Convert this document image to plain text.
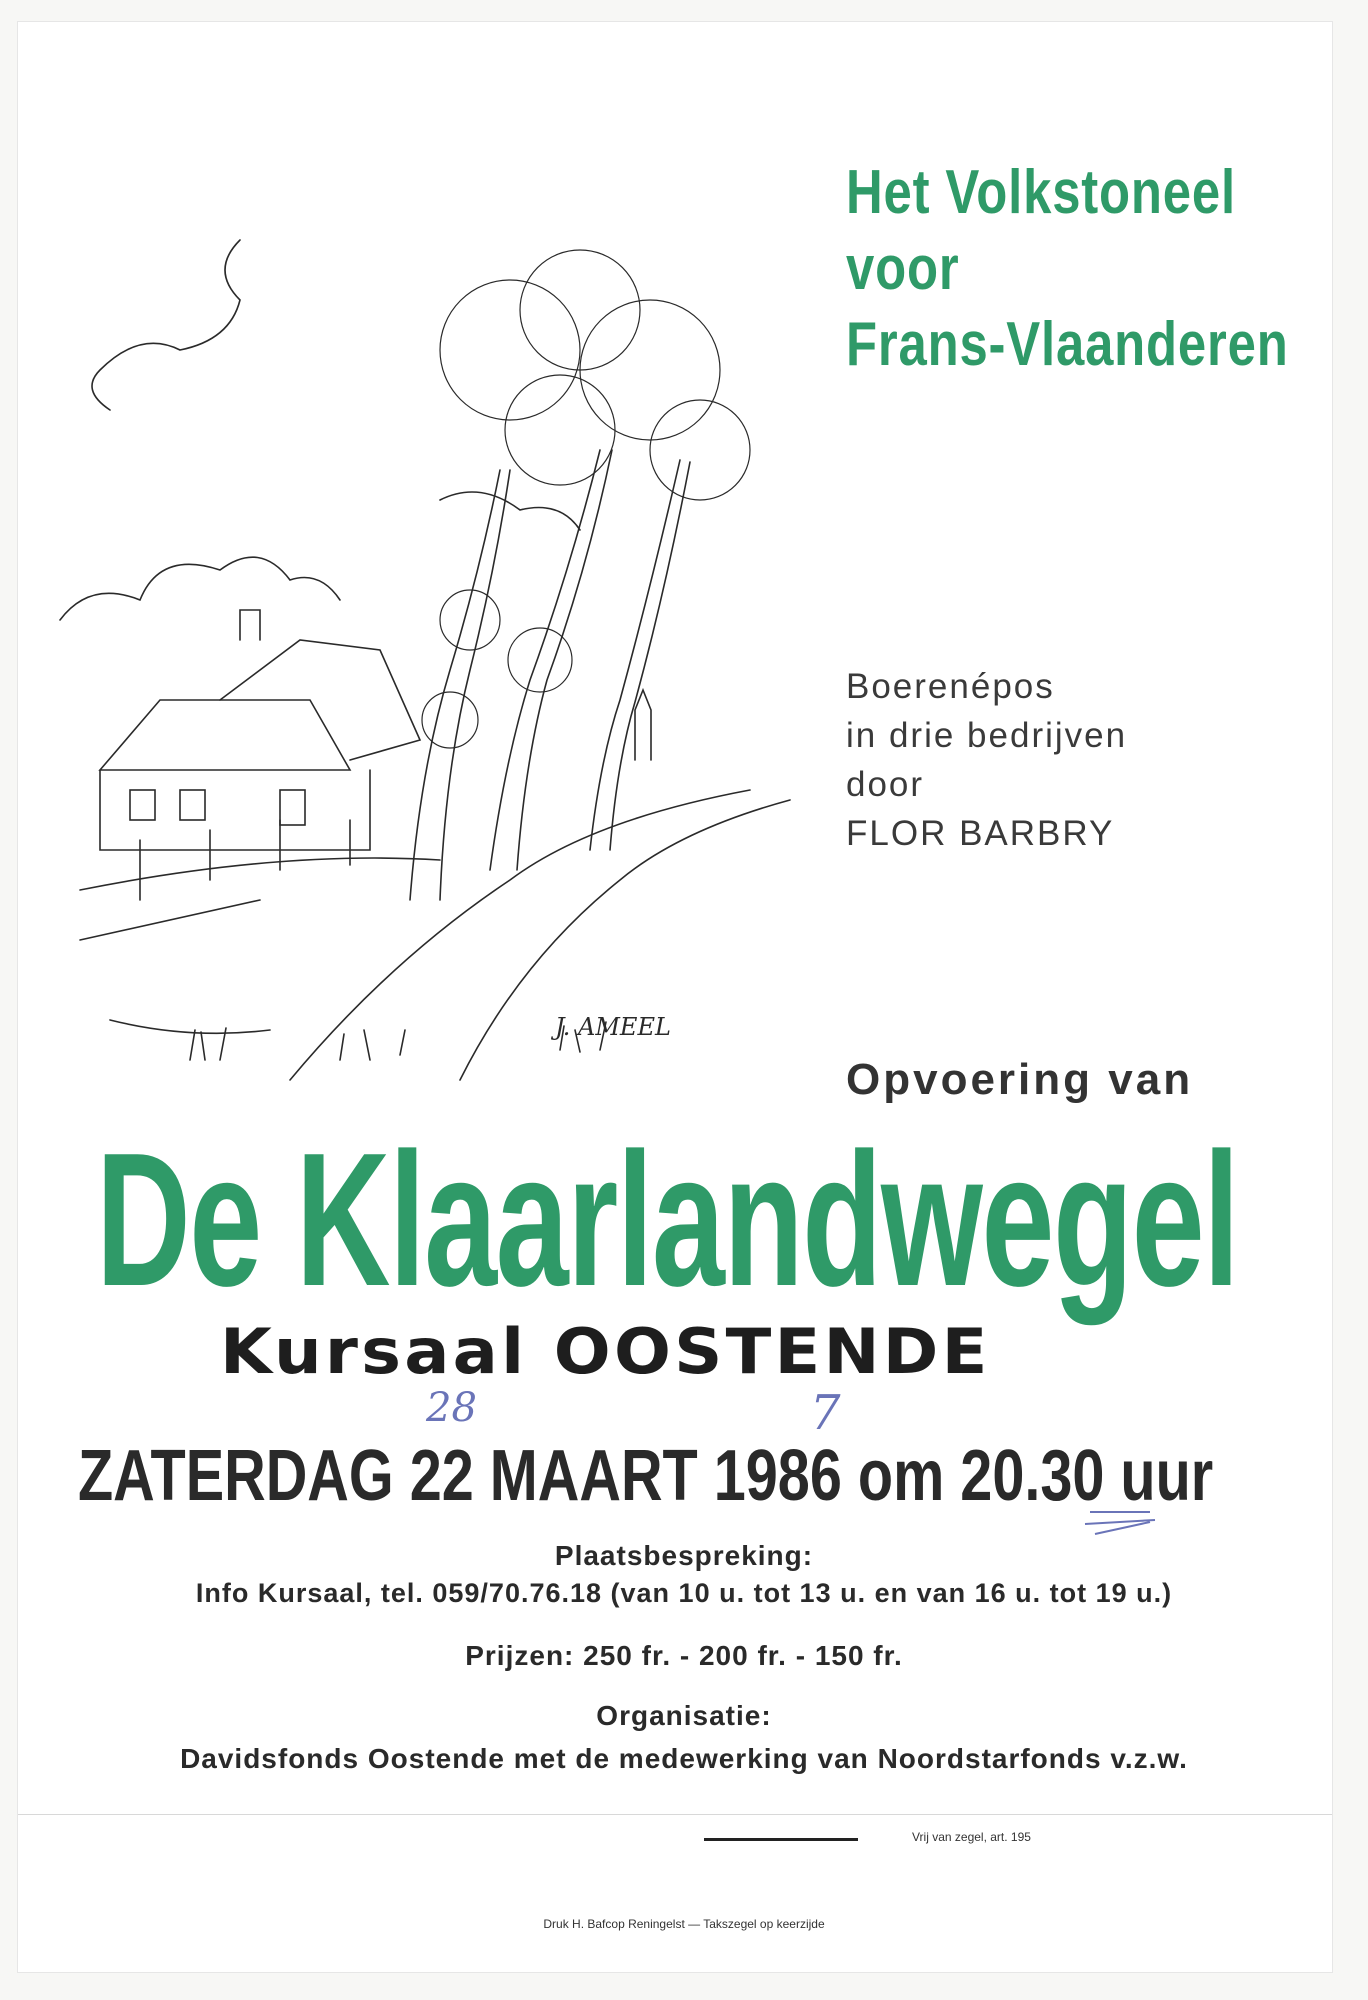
J. AMEEL
Het Volkstoneel
voor
Frans-Vlaanderen
Boerenépos
in drie bedrijven
door
FLOR BARBRY
Opvoering van
De Klaarlandwegel
Kursaal OOSTENDE
28	7
ZATERDAG 22 MAART 1986 om 20.30 uur
Plaatsbespreking:
Info Kursaal, tel. 059/70.76.18 (van 10 u. tot 13 u. en van 16 u. tot 19 u.)
Prijzen: 250 fr. - 200 fr. - 150 fr.
Organisatie:
Davidsfonds Oostende met de medewerking van Noordstarfonds v.z.w.
Vrij van zegel, art. 195
Druk H. Bafcop Reningelst — Takszegel op keerzijde
